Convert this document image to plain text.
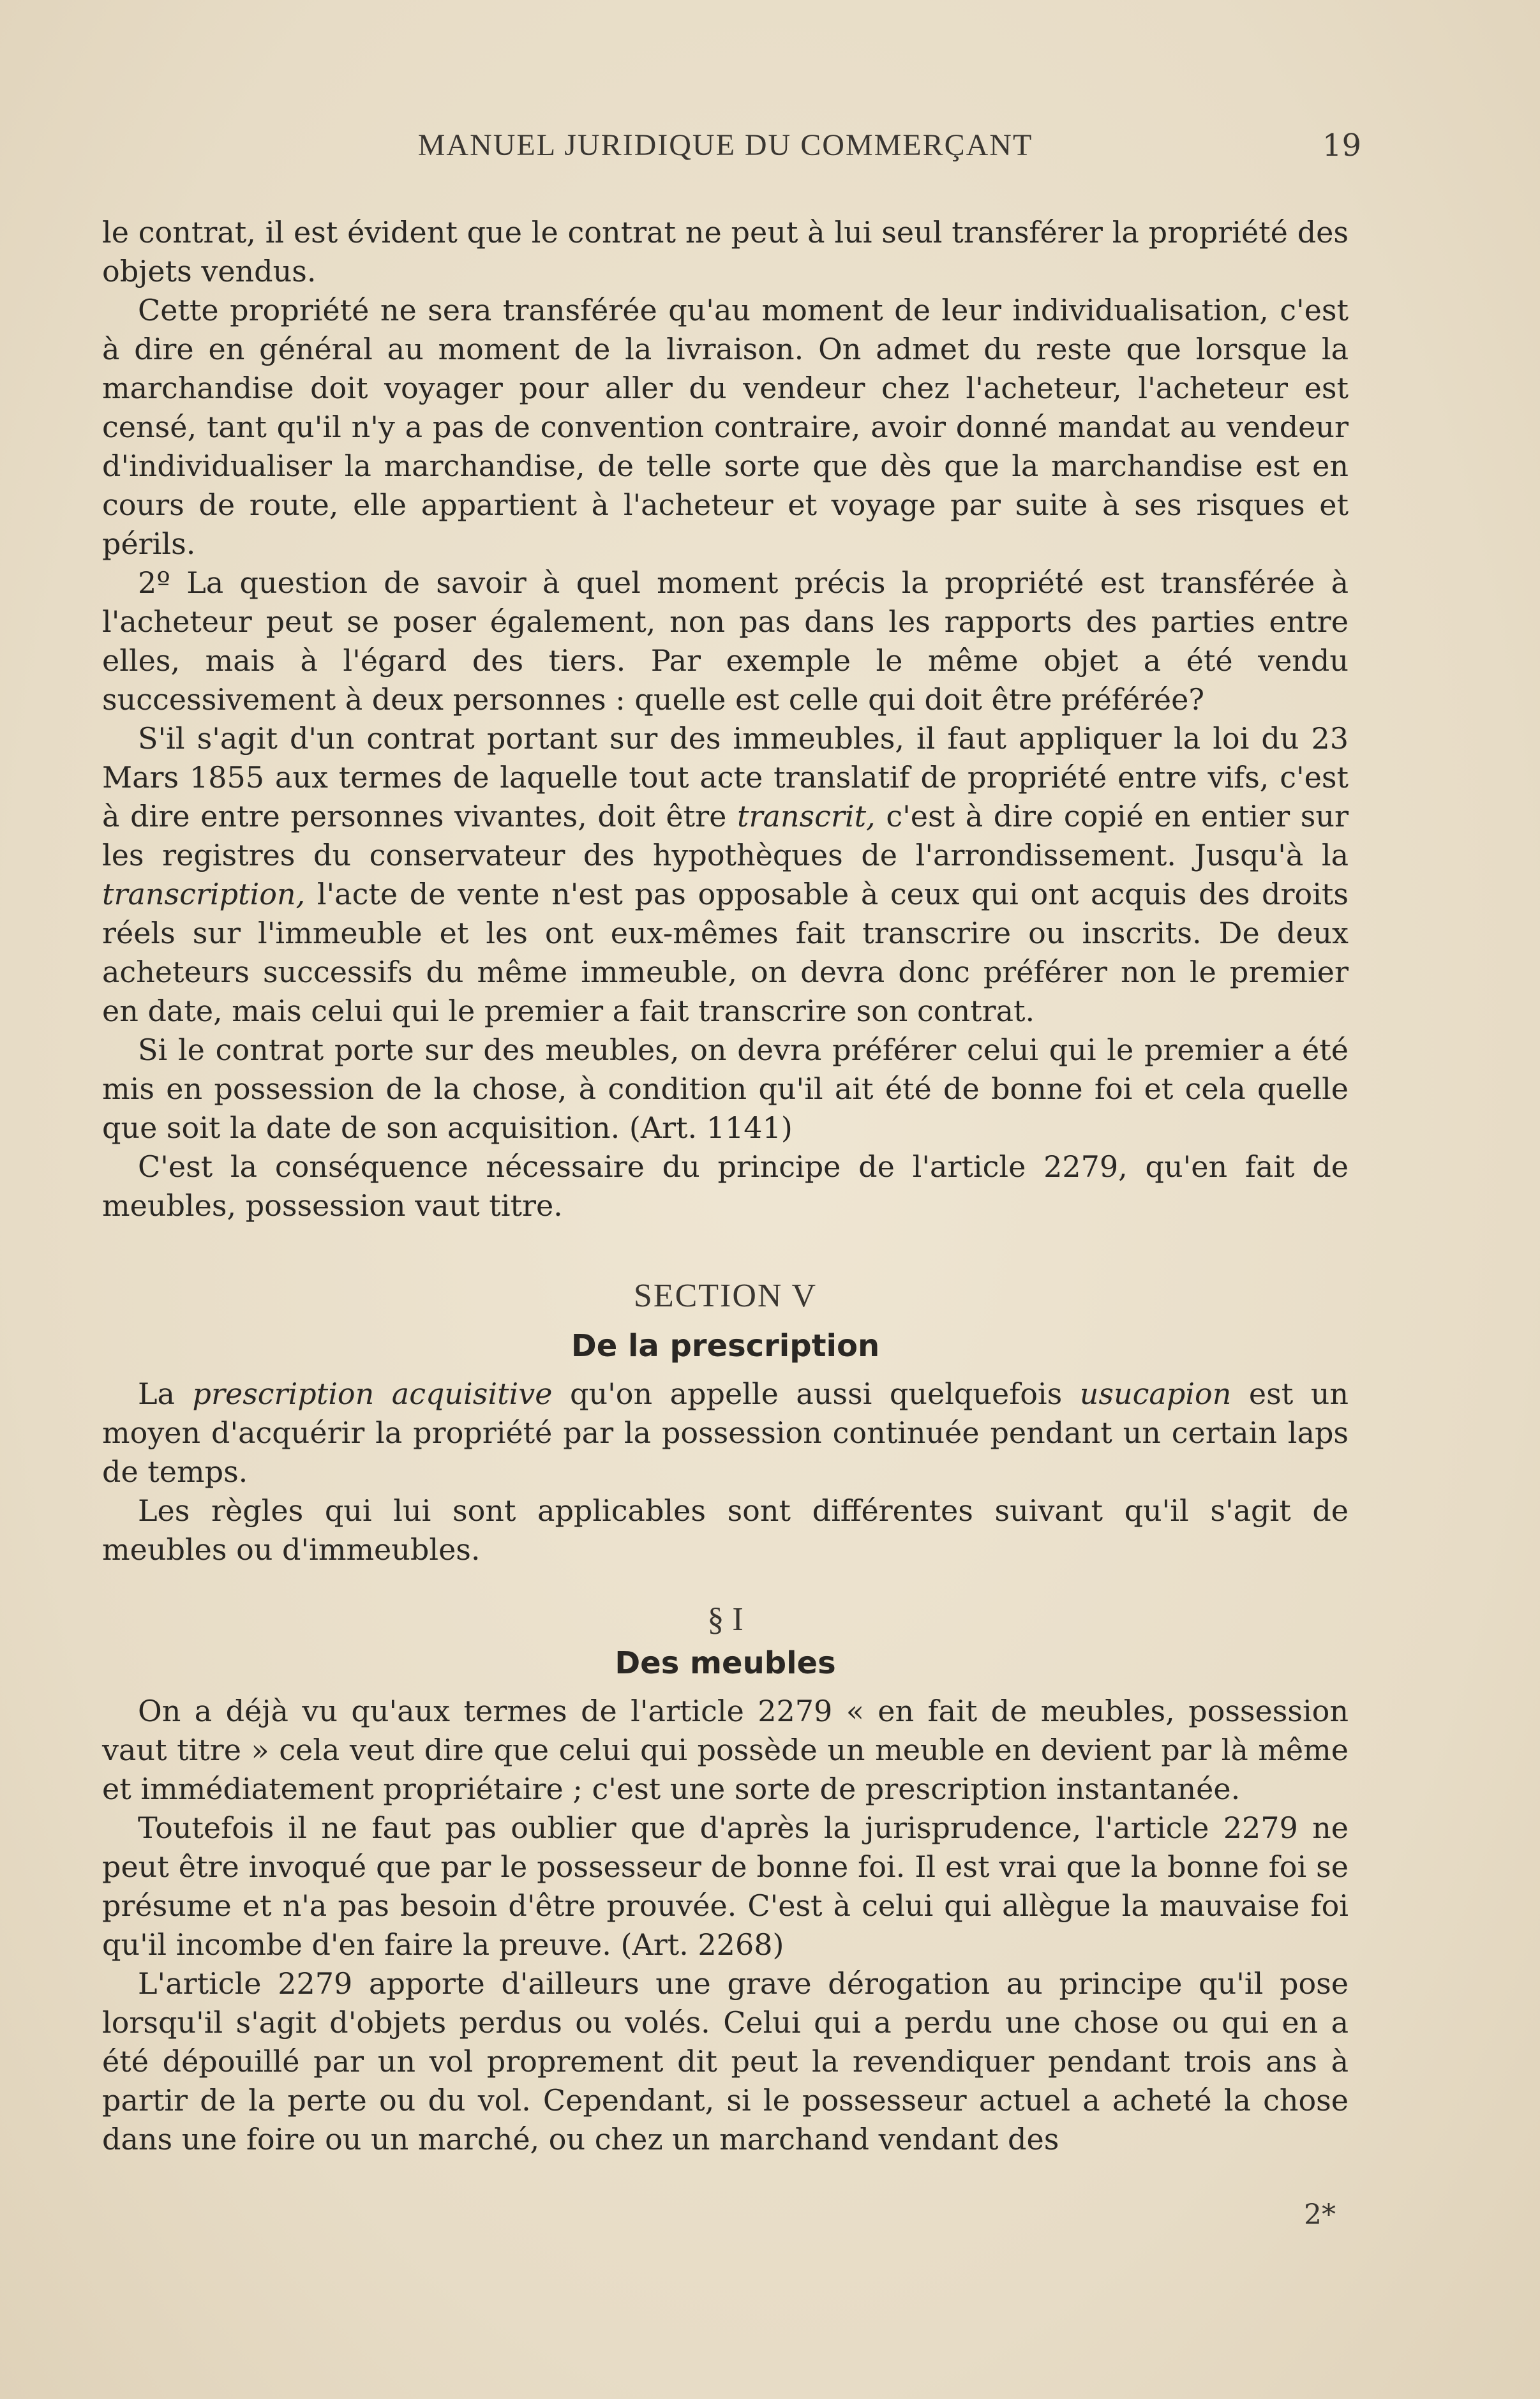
MANUEL JURIDIQUE DU COMMERÇANT	19

le contrat, il est évident que le contrat ne peut à lui seul transférer la propriété des objets vendus.

Cette propriété ne sera transférée qu'au moment de leur individualisation, c'est à dire en général au moment de la livraison. On admet du reste que lorsque la marchandise doit voyager pour aller du vendeur chez l'acheteur, l'acheteur est censé, tant qu'il n'y a pas de convention contraire, avoir donné mandat au vendeur d'individualiser la marchandise, de telle sorte que dès que la marchandise est en cours de route, elle appartient à l'acheteur et voyage par suite à ses risques et périls.

2º La question de savoir à quel moment précis la propriété est transférée à l'acheteur peut se poser également, non pas dans les rapports des parties entre elles, mais à l'égard des tiers. Par exemple le même objet a été vendu successivement à deux personnes : quelle est celle qui doit être préférée?

S'il s'agit d'un contrat portant sur des immeubles, il faut appliquer la loi du 23 Mars 1855 aux termes de laquelle tout acte translatif de propriété entre vifs, c'est à dire entre personnes vivantes, doit être transcrit, c'est à dire copié en entier sur les registres du conservateur des hypothèques de l'arrondissement. Jusqu'à la transcription, l'acte de vente n'est pas opposable à ceux qui ont acquis des droits réels sur l'immeuble et les ont eux-mêmes fait transcrire ou inscrits. De deux acheteurs successifs du même immeuble, on devra donc préférer non le premier en date, mais celui qui le premier a fait transcrire son contrat.

Si le contrat porte sur des meubles, on devra préférer celui qui le premier a été mis en possession de la chose, à condition qu'il ait été de bonne foi et cela quelle que soit la date de son acquisition. (Art. 1141)

C'est la conséquence nécessaire du principe de l'article 2279, qu'en fait de meubles, possession vaut titre.

SECTION V
De la prescription

La prescription acquisitive qu'on appelle aussi quelquefois usucapion est un moyen d'acquérir la propriété par la possession continuée pendant un certain laps de temps.

Les règles qui lui sont applicables sont différentes suivant qu'il s'agit de meubles ou d'immeubles.

§ I
Des meubles

On a déjà vu qu'aux termes de l'article 2279 « en fait de meubles, possession vaut titre » cela veut dire que celui qui possède un meuble en devient par là même et immédiatement propriétaire ; c'est une sorte de prescription instantanée.

Toutefois il ne faut pas oublier que d'après la jurisprudence, l'article 2279 ne peut être invoqué que par le possesseur de bonne foi. Il est vrai que la bonne foi se présume et n'a pas besoin d'être prouvée. C'est à celui qui allègue la mauvaise foi qu'il incombe d'en faire la preuve. (Art. 2268)

L'article 2279 apporte d'ailleurs une grave dérogation au principe qu'il pose lorsqu'il s'agit d'objets perdus ou volés. Celui qui a perdu une chose ou qui en a été dépouillé par un vol proprement dit peut la revendiquer pendant trois ans à partir de la perte ou du vol. Cependant, si le possesseur actuel a acheté la chose dans une foire ou un marché, ou chez un marchand vendant des

2*
